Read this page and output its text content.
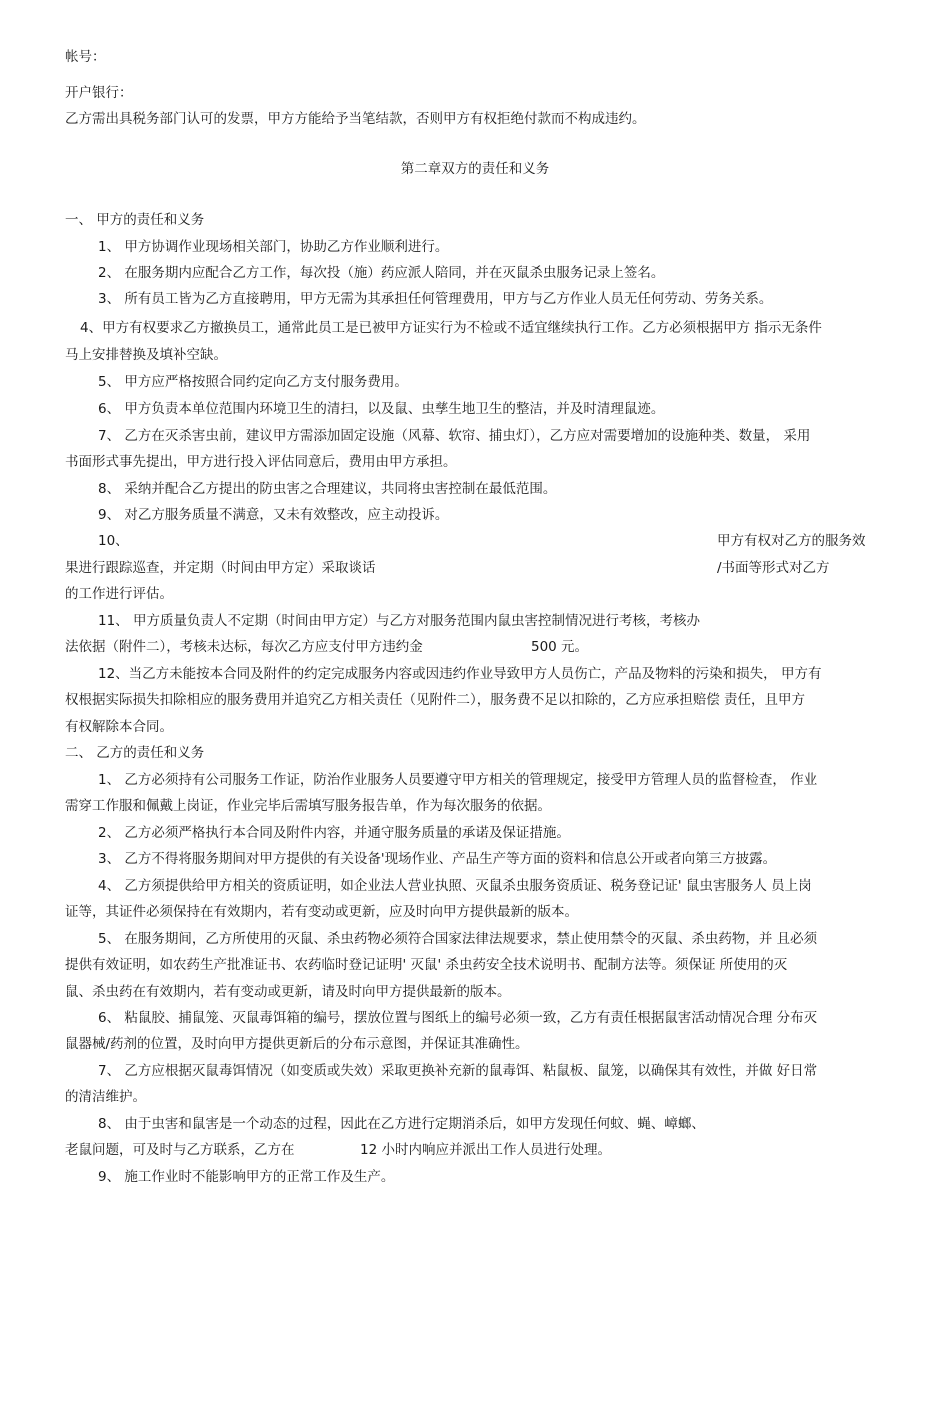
帐号：
开户银行：
乙方需出具税务部门认可的发票，甲方方能给予当笔结款，否则甲方有权拒绝付款而不构成违约。
第二章双方的责任和义务
一、 甲方的责任和义务
1、 甲方协调作业现场相关部门，协助乙方作业顺利进行。
2、 在服务期内应配合乙方工作，每次投（施）药应派人陪同，并在灭鼠杀虫服务记录上签名。
3、 所有员工皆为乙方直接聘用，甲方无需为其承担任何管理费用，甲方与乙方作业人员无任何劳动、劳务关系。
4、甲方有权要求乙方撤换员工，通常此员工是已被甲方证实行为不检或不适宜继续执行工作。乙方必须根据甲方 指示无条件
马上安排替换及填补空缺。
5、 甲方应严格按照合同约定向乙方支付服务费用。
6、 甲方负责本单位范围内环境卫生的清扫，以及鼠、虫孳生地卫生的整洁，并及时清理鼠迹。
7、 乙方在灭杀害虫前，建议甲方需添加固定设施（风幕、软帘、捕虫灯），乙方应对需要增加的设施种类、数量， 采用
书面形式事先提出，甲方进行投入评估同意后，费用由甲方承担。
8、 采纳并配合乙方提出的防虫害之合理建议，共同将虫害控制在最低范围。
9、 对乙方服务质量不满意，又未有效整改，应主动投诉。
10、	甲方有权对乙方的服务效
果进行跟踪巡查，并定期（时间由甲方定）采取谈话	/书面等形式对乙方
的工作进行评估。
11、 甲方质量负责人不定期（时间由甲方定）与乙方对服务范围内鼠虫害控制情况进行考核，考核办
法依据（附件二），考核未达标，每次乙方应支付甲方违约金	500 元。
12、当乙方未能按本合同及附件的约定完成服务内容或因违约作业导致甲方人员伤亡，产品及物料的污染和损失， 甲方有
权根据实际损失扣除相应的服务费用并追究乙方相关责任（见附件二），服务费不足以扣除的，乙方应承担赔偿 责任，且甲方
有权解除本合同。
二、 乙方的责任和义务
1、 乙方必须持有公司服务工作证，防治作业服务人员要遵守甲方相关的管理规定，接受甲方管理人员的监督检查， 作业
需穿工作服和佩戴上岗证，作业完毕后需填写服务报告单，作为每次服务的依据。
2、 乙方必须严格执行本合同及附件内容，并通守服务质量的承诺及保证措施。
3、 乙方不得将服务期间对甲方提供的有关设备'现场作业、产品生产等方面的资料和信息公开或者向第三方披露。
4、 乙方须提供给甲方相关的资质证明，如企业法人营业执照、灭鼠杀虫服务资质证、税务登记证' 鼠虫害服务人 员上岗
证等，其证件必须保持在有效期内，若有变动或更新，应及时向甲方提供最新的版本。
5、 在服务期间，乙方所使用的灭鼠、杀虫药物必须符合国家法律法规要求，禁止使用禁令的灭鼠、杀虫药物，并 且必须
提供有效证明，如农药生产批准证书、农药临时登记证明' 灭鼠' 杀虫药安全技术说明书、配制方法等。须保证 所使用的灭
鼠、杀虫药在有效期内，若有变动或更新，请及时向甲方提供最新的版本。
6、 粘鼠胶、捕鼠笼、灭鼠毒饵箱的编号，摆放位置与图纸上的编号必须一致，乙方有责任根据鼠害活动情况合理 分布灭
鼠器械/药剂的位置，及时向甲方提供更新后的分布示意图，并保证其准确性。
7、 乙方应根据灭鼠毒饵情况（如变质或失效）采取更换补充新的鼠毒饵、粘鼠板、鼠笼，以确保其有效性，并做 好日常
的清洁维护。
8、 由于虫害和鼠害是一个动态的过程，因此在乙方进行定期消杀后，如甲方发现任何蚊、蝇、嶂螂、
老鼠问题，可及时与乙方联系，乙方在	12 小时内响应并派出工作人员进行处理。
9、 施工作业时不能影响甲方的正常工作及生产。
